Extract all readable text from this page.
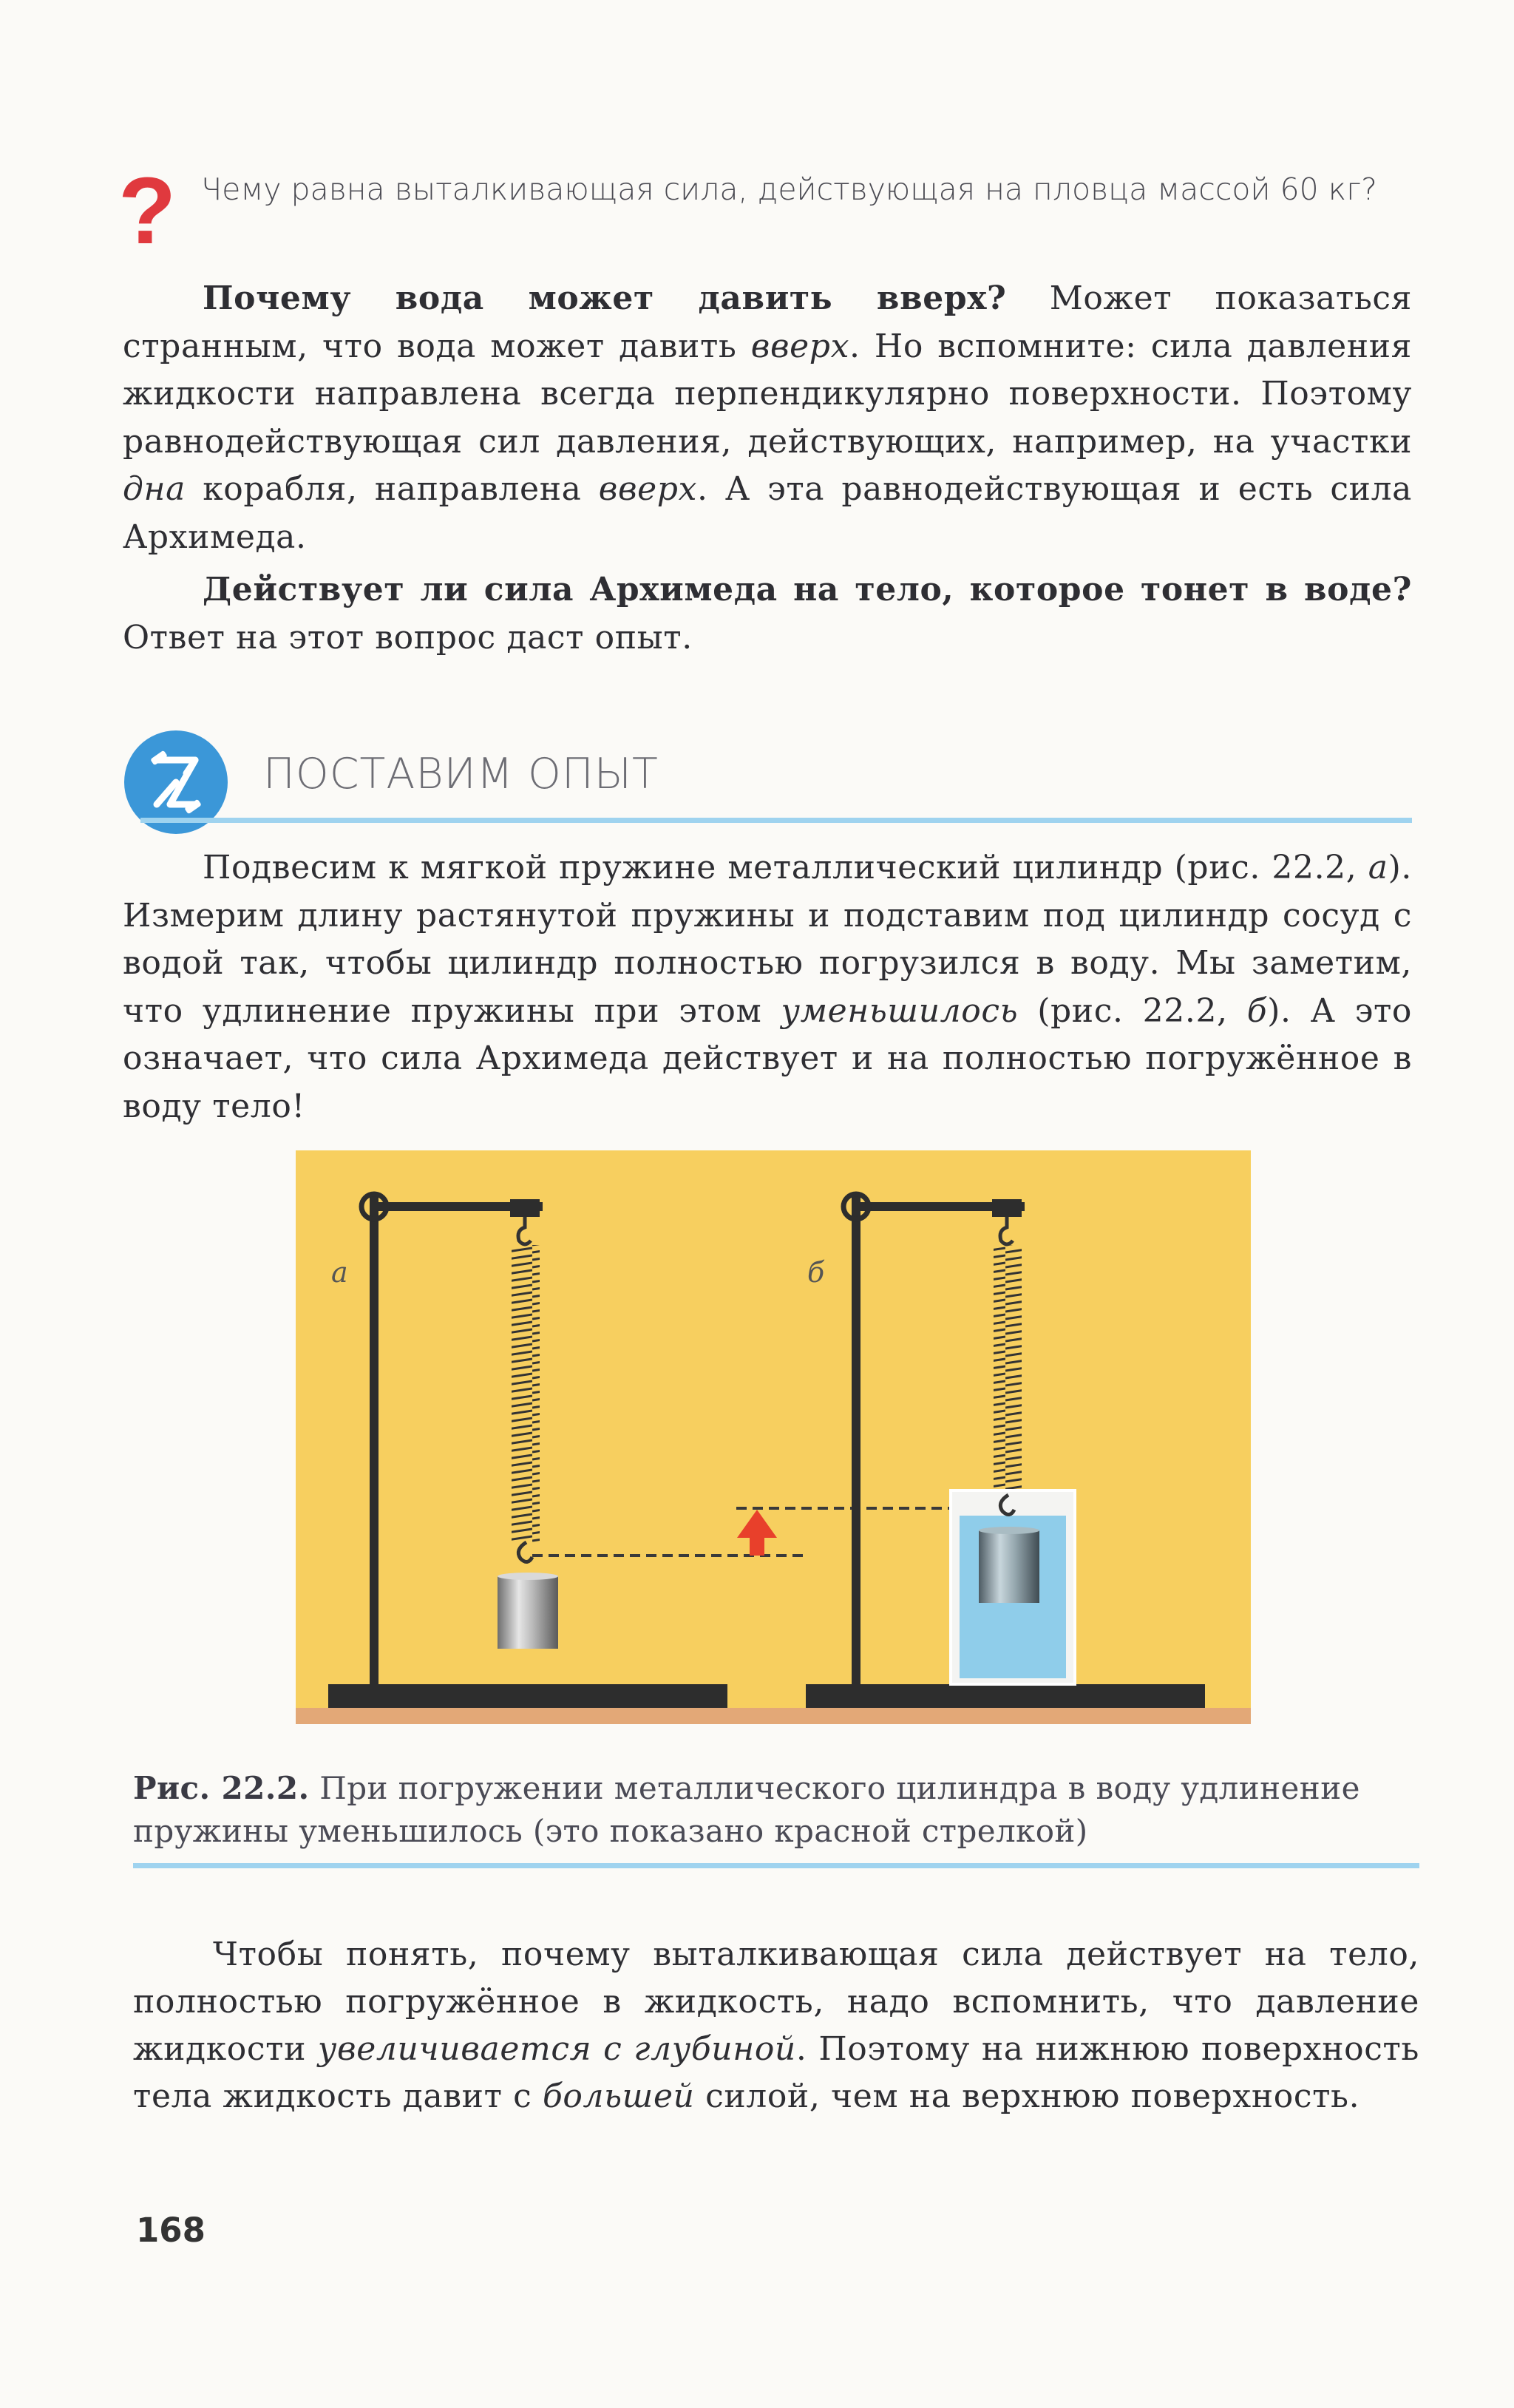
? Чему равна выталкивающая сила, действующая на пловца массой 60 кг?

Почему вода может давить вверх? Может показаться странным, что вода может давить вверх. Но вспомните: сила давления жидкости направлена всегда перпендикулярно поверхности. Поэтому равнодействующая сил давления, действующих, например, на участки дна корабля, направлена вверх. А эта равнодействующая и есть сила Архимеда.

Действует ли сила Архимеда на тело, которое тонет в воде? Ответ на этот вопрос даст опыт.

ПОСТАВИМ ОПЫТ

Подвесим к мягкой пружине металлический цилиндр (рис. 22.2, а). Измерим длину растянутой пружины и подставим под цилиндр сосуд с водой так, чтобы цилиндр полностью погрузился в воду. Мы заметим, что удлинение пружины при этом уменьшилось (рис. 22.2, б). А это означает, что сила Архимеда действует и на полностью погружённое в воду тело!

а	б
Рис. 22.2. При погружении металлического цилиндра в воду удлинение пружины уменьшилось (это показано красной стрелкой)

Чтобы понять, почему выталкивающая сила действует на тело, полностью погружённое в жидкость, надо вспомнить, что давление жидкости увеличивается с глубиной. Поэтому на нижнюю поверхность тела жидкость давит с большей силой, чем на верхнюю поверхность.

168
